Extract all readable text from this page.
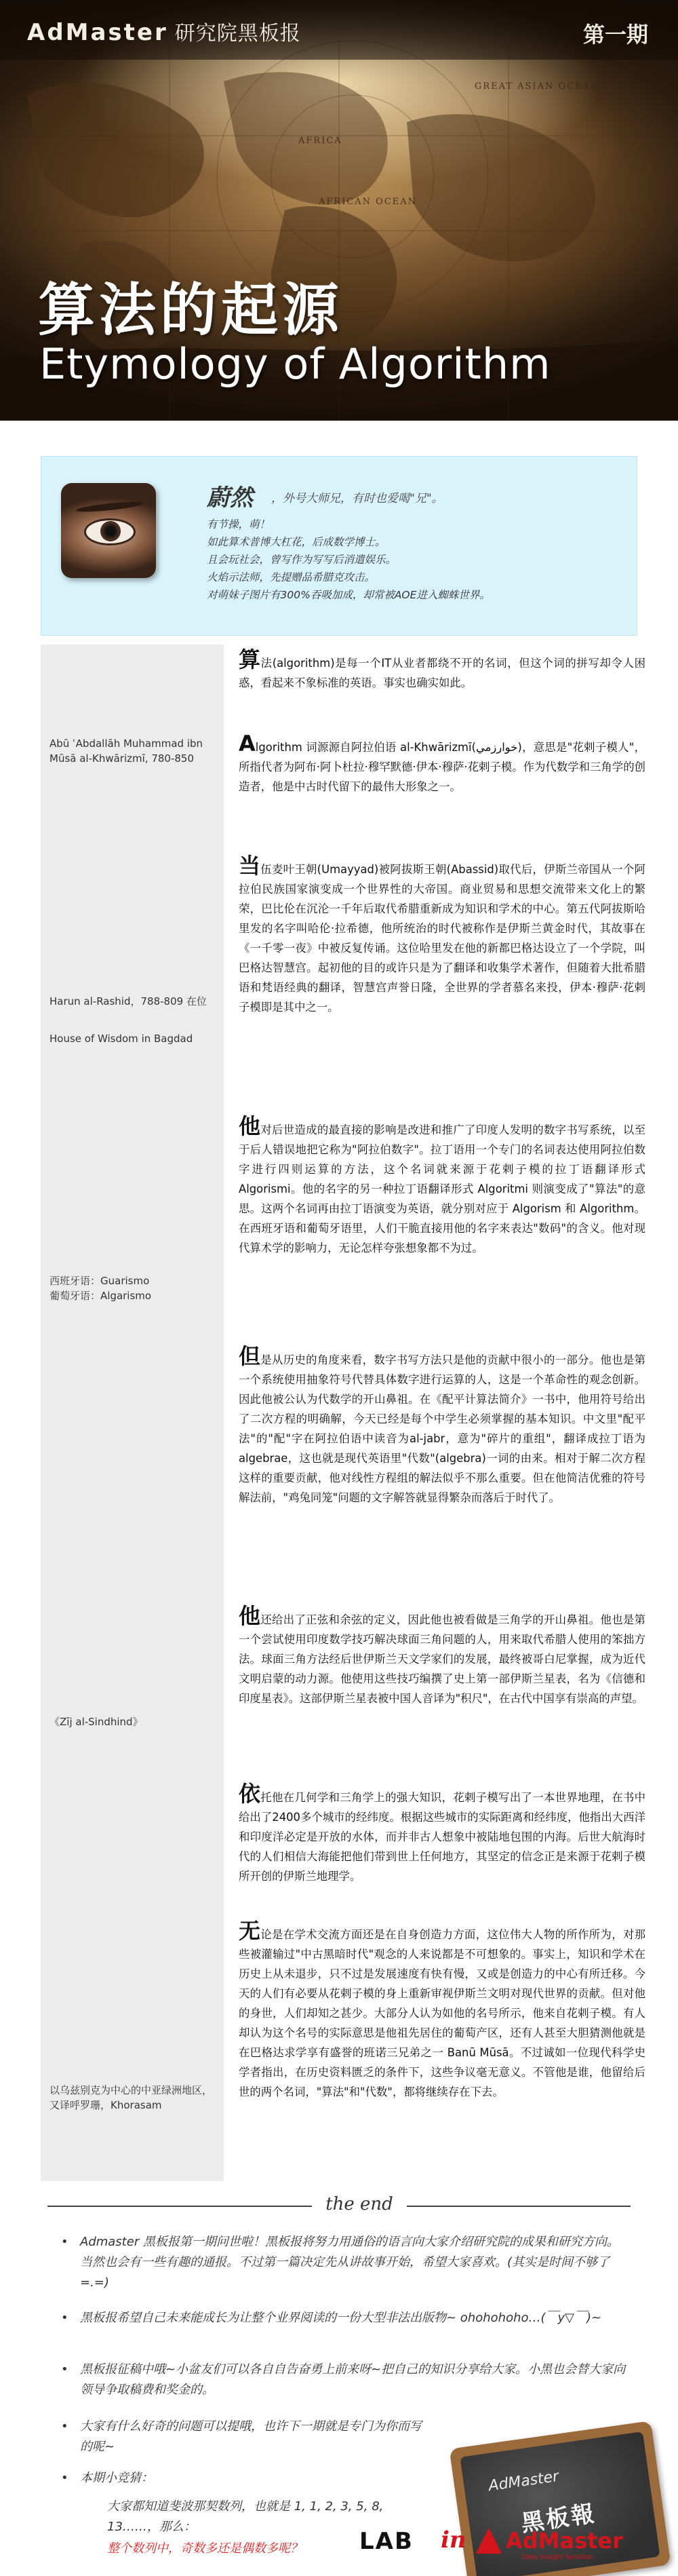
GREAT ASIAN OCEAN
AFRICAN OCEAN
AFRICA
AdMaster 研究院黑板报	第一期
算法的起源
Etymology of Algorithm
蔚然 ，外号大师兄，有时也爱喝"兄"。
有节操，萌！
如此算术普博大杠花，后成数学博士。
且会玩社会，曾写作为写写后消遣娱乐。
火焰示法师，先提赠品希腊克攻击。
对萌妹子图片有300%吞吸加成，却常被AOE进入蜘蛛世界。
Abū ʿAbdallāh Muhammad ibn Mūsā al-Khwārizmī, 780-850
Harun al-Rashid，788-809 在位
House of Wisdom in Bagdad
西班牙语：Guarismo
葡萄牙语：Algarismo
《Zīj al-Sindhind》
以乌兹别克为中心的中亚绿洲地区，又译呼罗珊，Khorasam
算法(algorithm)是每一个IT从业者都绕不开的名词，但这个词的拼写却令人困惑，看起来不象标准的英语。事实也确实如此。
Algorithm 词源源自阿拉伯语 al-Khwārizmī(خوارزمي)，意思是"花剌子模人"，所指代者为阿布·阿卜杜拉·穆罕默德·伊本·穆萨·花剌子模。作为代数学和三角学的创造者，他是中古时代留下的最伟大形象之一。
当伍麦叶王朝(Umayyad)被阿拔斯王朝(Abassid)取代后，伊斯兰帝国从一个阿拉伯民族国家演变成一个世界性的大帝国。商业贸易和思想交流带来文化上的繁荣，巴比伦在沉沦一千年后取代希腊重新成为知识和学术的中心。第五代阿拔斯哈里发的名字叫哈伦·拉希德，他所统治的时代被称作是伊斯兰黄金时代，其故事在《一千零一夜》中被反复传诵。这位哈里发在他的新都巴格达设立了一个学院，叫巴格达智慧宫。起初他的目的或许只是为了翻译和收集学术著作，但随着大批希腊语和梵语经典的翻译，智慧宫声誉日隆，全世界的学者慕名来投，伊本·穆萨·花剌子模即是其中之一。
他对后世造成的最直接的影响是改进和推广了印度人发明的数字书写系统，以至于后人错误地把它称为"阿拉伯数字"。拉丁语用一个专门的名词表达使用阿拉伯数字进行四则运算的方法，这个名词就来源于花剌子模的拉丁语翻译形式 Algorismi。他的名字的另一种拉丁语翻译形式 Algoritmi 则演变成了"算法"的意思。这两个名词再由拉丁语演变为英语，就分别对应于 Algorism 和 Algorithm。在西班牙语和葡萄牙语里，人们干脆直接用他的名字来表达"数码"的含义。他对现代算术学的影响力，无论怎样夸张想象都不为过。
但是从历史的角度来看，数字书写方法只是他的贡献中很小的一部分。他也是第一个系统使用抽象符号代替具体数字进行运算的人，这是一个革命性的观念创新。因此他被公认为代数学的开山鼻祖。在《配平计算法简介》一书中，他用符号给出了二次方程的明确解，今天已经是每个中学生必须掌握的基本知识。中文里"配平法"的"配"字在阿拉伯语中读音为al-jabr，意为"碎片的重组"，翻译成拉丁语为algebrae，这也就是现代英语里"代数"(algebra)一词的由来。相对于解二次方程这样的重要贡献，他对线性方程组的解法似乎不那么重要。但在他简洁优雅的符号解法前，"鸡兔同笼"问题的文字解答就显得繁杂而落后于时代了。
他还给出了正弦和余弦的定义，因此他也被看做是三角学的开山鼻祖。他也是第一个尝试使用印度数学技巧解决球面三角问题的人，用来取代希腊人使用的笨拙方法。球面三角方法经后世伊斯兰天文学家们的发展，最终被哥白尼掌握，成为近代文明启蒙的动力源。他使用这些技巧编撰了史上第一部伊斯兰星表，名为《信德和印度星表》。这部伊斯兰星表被中国人音译为"积尺"，在古代中国享有崇高的声望。
依托他在几何学和三角学上的强大知识，花剌子模写出了一本世界地理，在书中给出了2400多个城市的经纬度。根据这些城市的实际距离和经纬度，他指出大西洋和印度洋必定是开放的水体，而并非古人想象中被陆地包围的内海。后世大航海时代的人们相信大海能把他们带到世上任何地方，其坚定的信念正是来源于花剌子模所开创的伊斯兰地理学。
无论是在学术交流方面还是在自身创造力方面，这位伟大人物的所作所为，对那些被灌输过"中古黑暗时代"观念的人来说都是不可想象的。事实上，知识和学术在历史上从未退步，只不过是发展速度有快有慢，又或是创造力的中心有所迁移。今天的人们有必要从花剌子模的身上重新审视伊斯兰文明对现代世界的贡献。但对他的身世，人们却知之甚少。大部分人认为如他的名号所示，他来自花剌子模。有人却认为这个名号的实际意思是他祖先居住的葡萄产区，还有人甚至大胆猜测他就是在巴格达求学享有盛誉的班诺三兄弟之一 Banū Mūsā。不过诚如一位现代科学史学者指出，在历史资料匮乏的条件下，这些争议毫无意义。不管他是谁，他留给后世的两个名词，"算法"和"代数"，都将继续存在下去。
the end
• Admaster 黑板报第一期问世啦！黑板报将努力用通俗的语言向大家介绍研究院的成果和研究方向。当然也会有一些有趣的通报。不过第一篇决定先从讲故事开始，希望大家喜欢。(其实是时间不够了 =.=)
• 黑板报希望自己未来能成长为让整个业界阅读的一份大型非法出版物~ ohohohoho…(￣y▽￣)~
• 黑板报征稿中哦~小盆友们可以各自自告奋勇上前来呀~把自己的知识分享给大家。小黑也会替大家向领导争取稿费和奖金的。
• 大家有什么好奇的问题可以提哦，也许下一期就是专门为你而写的呢~
• 本期小竞猜：
大家都知道斐波那契数列，也就是 1, 1, 2, 3, 5, 8, 13……，那么：
整个数列中，奇数多还是偶数多呢？
AdMaster
黑板報
LAB in AdMaster
Data Insight Solution
